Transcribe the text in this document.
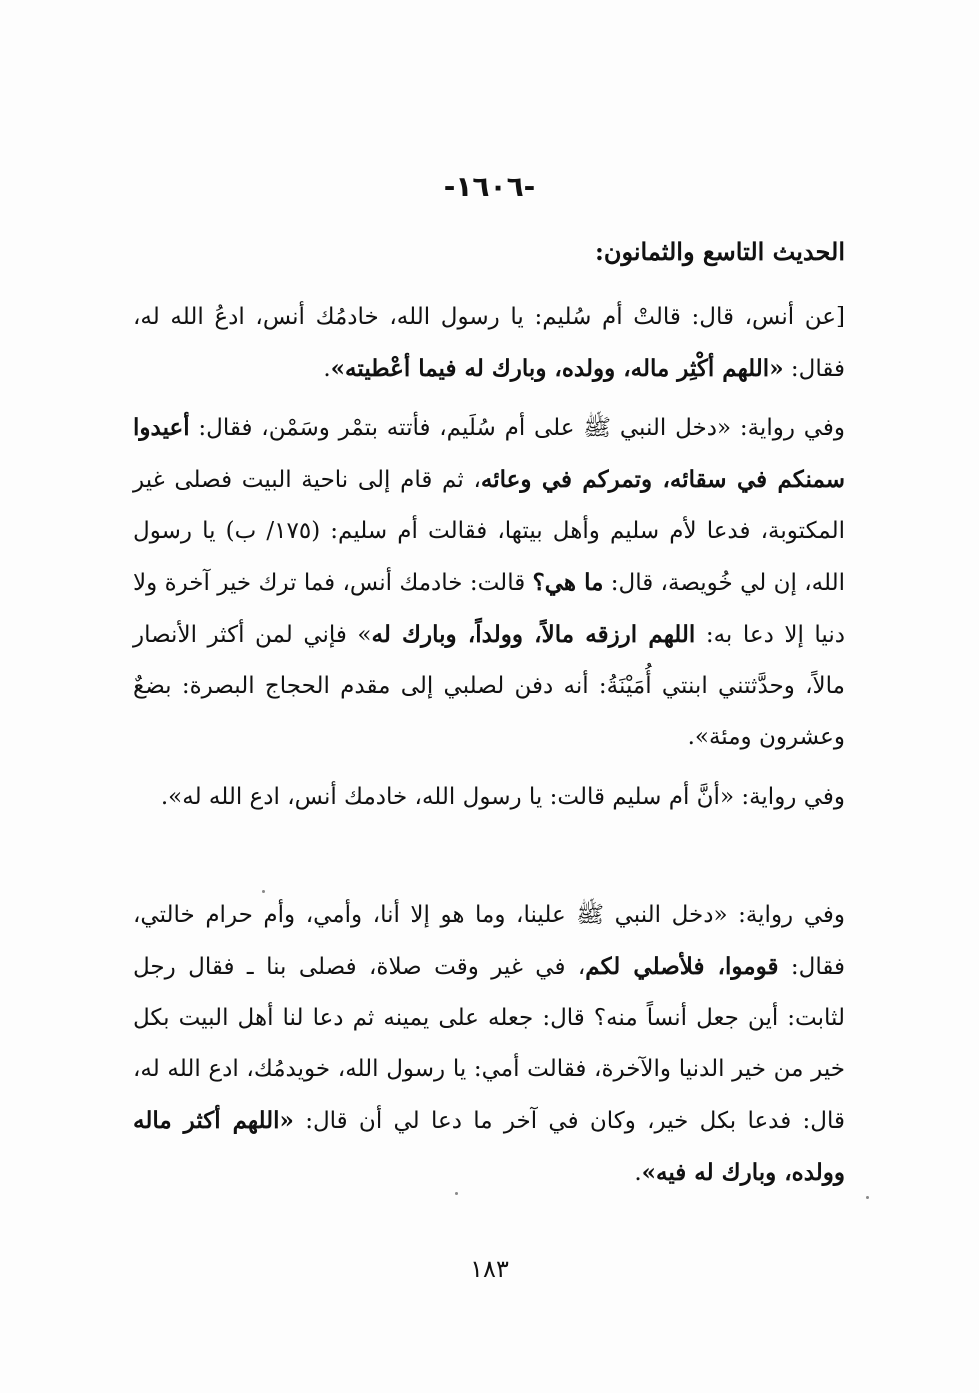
-١٦٠٦-
الحديث التاسع والثمانون:

[عن أنس، قال: قالتْ أم سُليم: يا رسول الله، خادمُك أنس، ادعُ الله له، فقال: «اللهم أكْثِر ماله، وولده، وبارك له فيما أعْطيته».

وفي رواية: «دخل النبي ﷺ على أم سُلَيم، فأتته بتمْر وسَمْن، فقال: أعيدوا سمنكم في سقائه، وتمركم في وعائه، ثم قام إلى ناحية البيت فصلى غير المكتوبة، فدعا لأم سليم وأهل بيتها، فقالت أم سليم: (١٧٥/ ب) يا رسول الله، إن لي خُويصة، قال: ما هي؟ قالت: خادمك أنس، فما ترك خير آخرة ولا دنيا إلا دعا به: اللهم ارزقه مالاً، وولداً، وبارك له» فإني لمن أكثر الأنصار مالاً، وحدَّثتني ابنتي أُمَيْنَةُ: أنه دفن لصلبي إلى مقدم الحجاج البصرة: بضعٌ وعشرون ومئة».

وفي رواية: «أنَّ أم سليم قالت: يا رسول الله، خادمك أنس، ادع الله له».

وفي رواية: «دخل النبي ﷺ علينا، وما هو إلا أنا، وأمي، وأم حرام خالتي، فقال: قوموا، فلأصلي لكم، في غير وقت صلاة، فصلى بنا ـ فقال رجل لثابت: أين جعل أنساً منه؟ قال: جعله على يمينه ثم دعا لنا أهل البيت بكل خير من خير الدنيا والآخرة، فقالت أمي: يا رسول الله، خويدمُك، ادع الله له، قال: فدعا بكل خير، وكان في آخر ما دعا لي أن قال: «اللهم أكثر ماله وولده، وبارك له فيه».

١٨٣
